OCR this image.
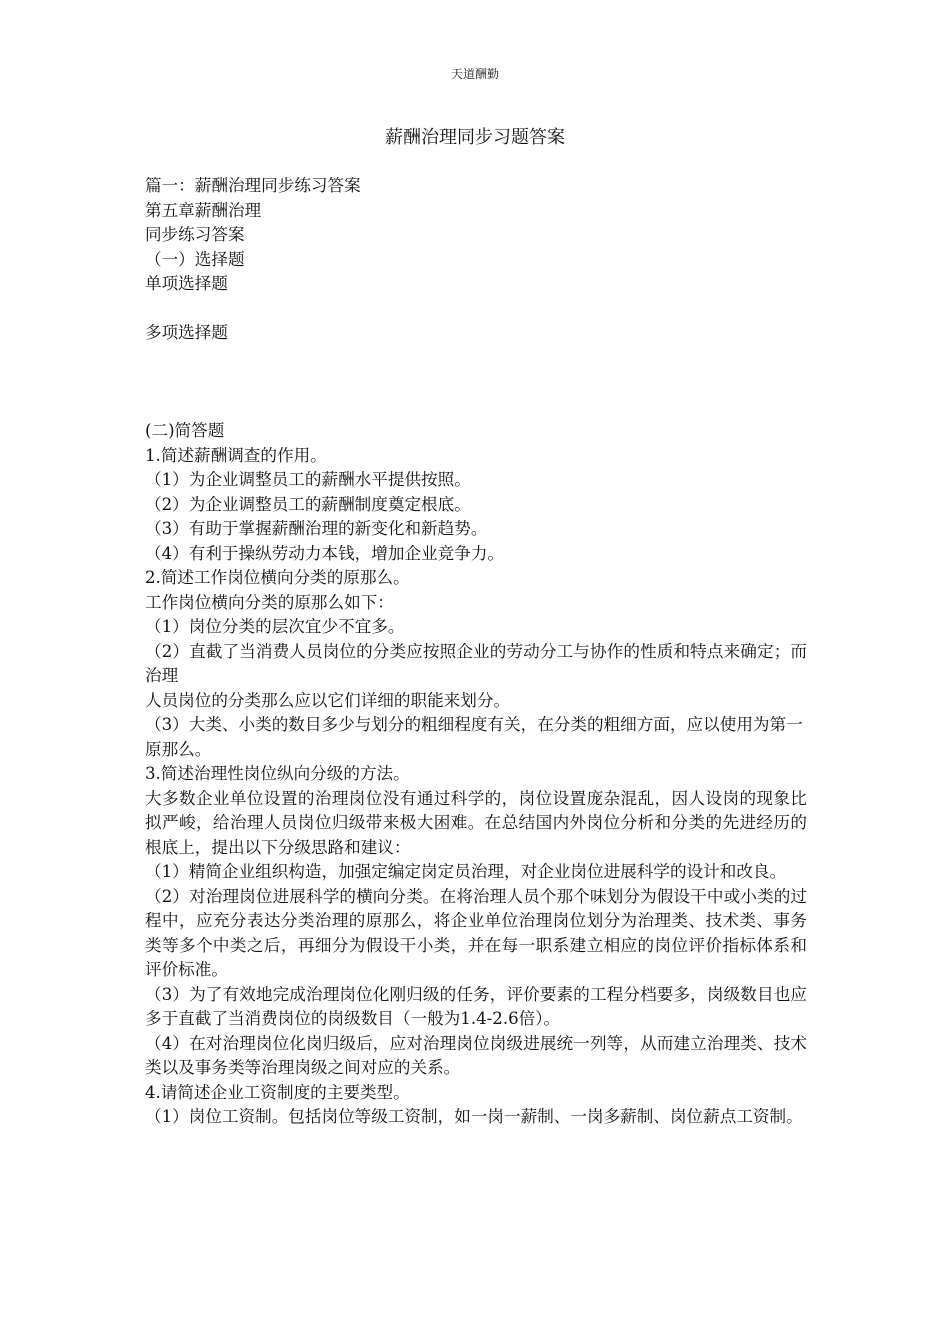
天道酬勤
薪酬治理同步习题答案

篇一：薪酬治理同步练习答案

第五章薪酬治理

同步练习答案

（一）选择题

单项选择题

多项选择题

(二)简答题

1.简述薪酬调查的作用。

（1）为企业调整员工的薪酬水平提供按照。

（2）为企业调整员工的薪酬制度奠定根底。

（3）有助于掌握薪酬治理的新变化和新趋势。

（4）有利于操纵劳动力本钱，增加企业竞争力。

2.简述工作岗位横向分类的原那么。

工作岗位横向分类的原那么如下：

（1）岗位分类的层次宜少不宜多。

（2）直截了当消费人员岗位的分类应按照企业的劳动分工与协作的性质和特点来确定；而治理

人员岗位的分类那么应以它们详细的职能来划分。

（3）大类、小类的数目多少与划分的粗细程度有关，在分类的粗细方面，应以使用为第一

原那么。

3.简述治理性岗位纵向分级的方法。

大多数企业单位设置的治理岗位没有通过科学的，岗位设置庞杂混乱，因人设岗的现象比拟严峻，给治理人员岗位归级带来极大困难。在总结国内外岗位分析和分类的先进经历的根底上，提出以下分级思路和建议：

（1）精简企业组织构造，加强定编定岗定员治理，对企业岗位进展科学的设计和改良。

（2）对治理岗位进展科学的横向分类。在将治理人员个那个味划分为假设干中或小类的过程中，应充分表达分类治理的原那么，将企业单位治理岗位划分为治理类、技术类、事务类等多个中类之后，再细分为假设干小类，并在每一职系建立相应的岗位评价指标体系和评价标准。

（3）为了有效地完成治理岗位化刚归级的任务，评价要素的工程分档要多，岗级数目也应多于直截了当消费岗位的岗级数目（一般为1.4-2.6倍）。

（4）在对治理岗位化岗归级后，应对治理岗位岗级进展统一列等，从而建立治理类、技术类以及事务类等治理岗级之间对应的关系。

4.请简述企业工资制度的主要类型。

（1）岗位工资制。包括岗位等级工资制，如一岗一薪制、一岗多薪制、岗位薪点工资制。
